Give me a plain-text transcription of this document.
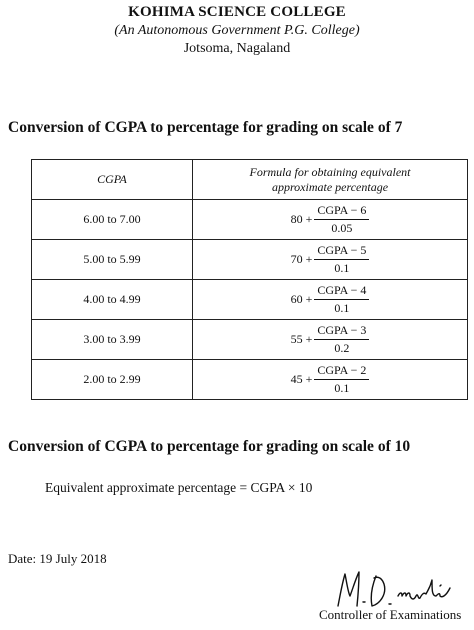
KOHIMA SCIENCE COLLEGE
(An Autonomous Government P.G. College)
Jotsoma, Nagaland
Conversion of CGPA to percentage for grading on scale of 7
CGPA	Formula for obtaining equivalent
approximate percentage

6.00 to 7.00	$80 + \frac{\text{CGPA − 6}}{0.05}$

5.00 to 5.99	$70 + \frac{\text{CGPA − 5}}{0.1}$

4.00 to 4.99	$60 + \frac{\text{CGPA − 4}}{0.1}$

3.00 to 3.99	$55 + \frac{\text{CGPA − 3}}{0.2}$

2.00 to 2.99	$45 + \frac{\text{CGPA − 2}}{0.1}$
Conversion of CGPA to percentage for grading on scale of 10
Equivalent approximate percentage = CGPA × 10
Date: 19 July 2018
Controller of Examinations
